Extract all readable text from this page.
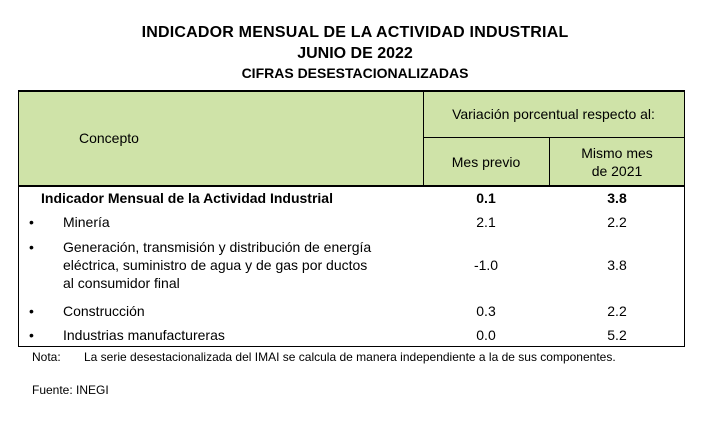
INDICADOR MENSUAL DE LA ACTIVIDAD INDUSTRIAL
JUNIO DE 2022
CIFRAS DESESTACIONALIZADAS
Concepto
Variación porcentual respecto al:
Mes previo
Mismo mes
de 2021
Indicador Mensual de la Actividad Industrial	0.1	3.8
• Minería	2.1	2.2
• Generación, transmisión y distribución de energía
eléctrica, suministro de agua y de gas por ductos
al consumidor final
-1.0	3.8
• Construcción	0.3	2.2
• Industrias manufactureras	0.0	5.2
Nota: La serie desestacionalizada del IMAI se calcula de manera independiente a la de sus componentes.
Fuente: INEGI
